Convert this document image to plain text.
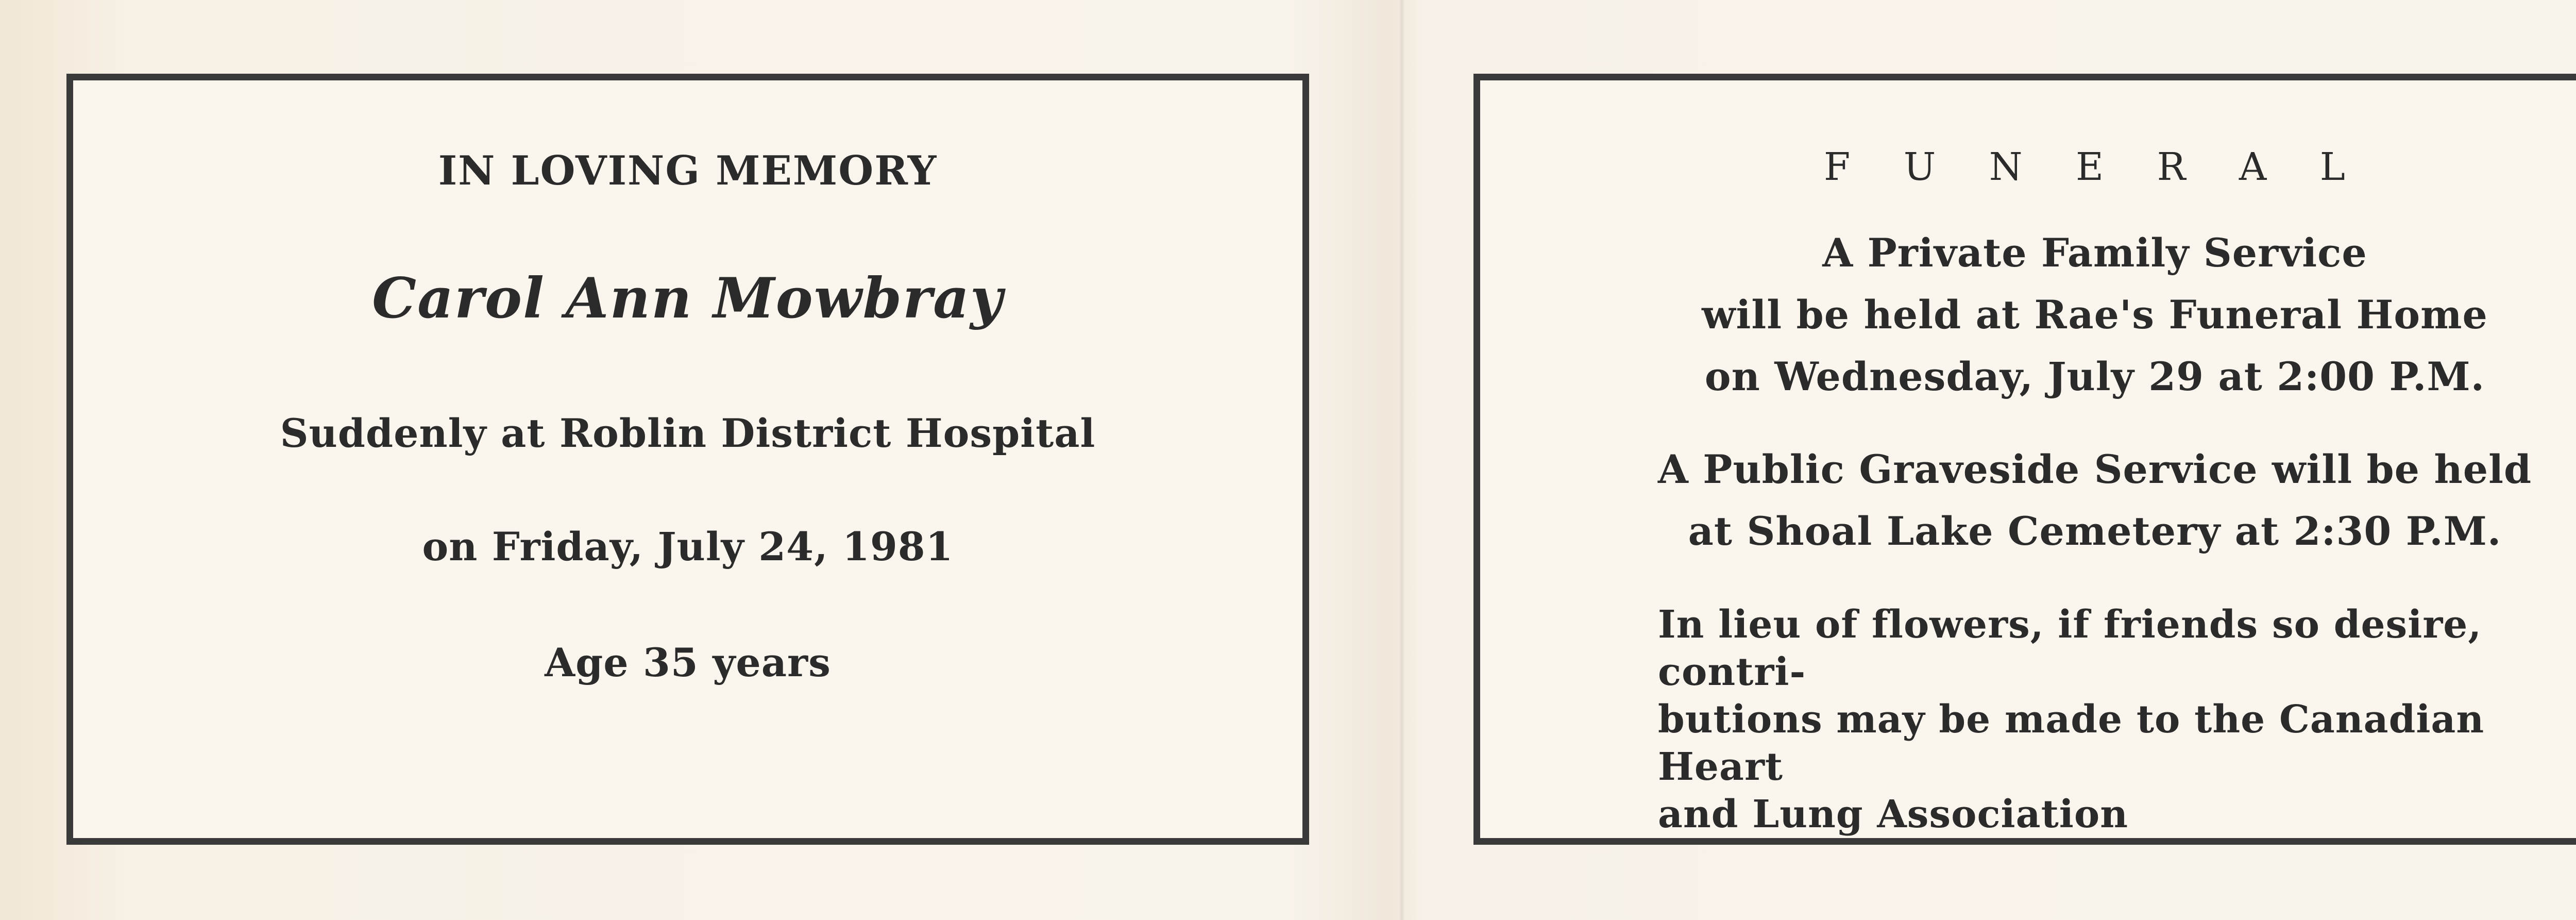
IN LOVING MEMORY
Carol Ann Mowbray
Suddenly at Roblin District Hospital
on Friday, July 24, 1981
Age 35 years
F U N E R A L
A Private Family Service
will be held at Rae's Funeral Home
on Wednesday, July 29 at 2:00 P.M.
A Public Graveside Service will be held
at Shoal Lake Cemetery at 2:30 P.M.
In lieu of flowers, if friends so desire, contri-
butions may be made to the Canadian Heart
and Lung Association
